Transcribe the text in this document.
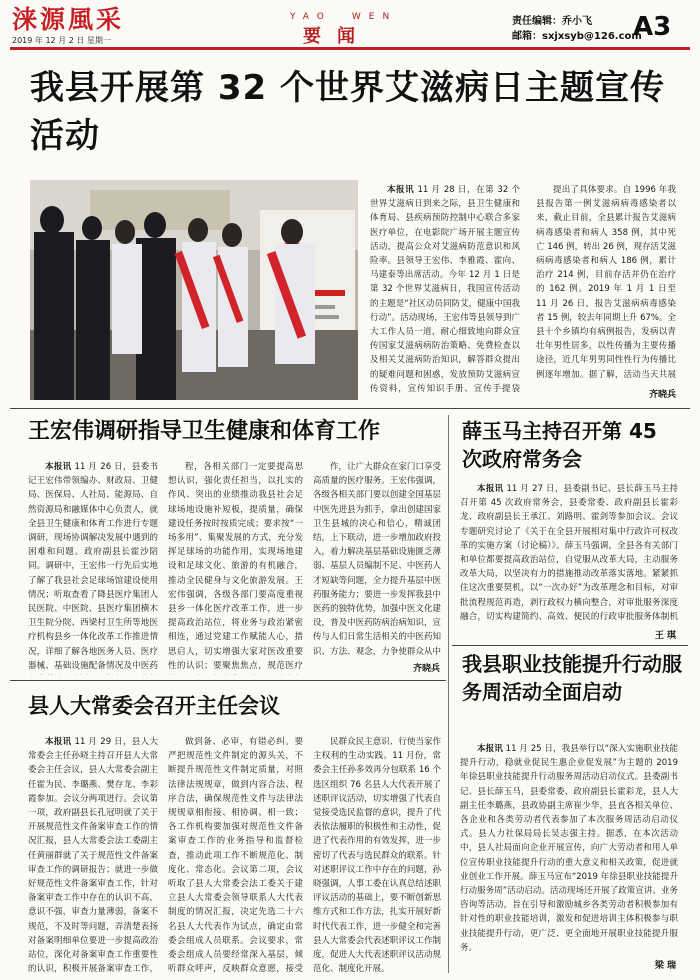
涞源風采
2019 年 12 月 2 日 星期一
YAO WEN
要闻
责任编辑：乔小飞
邮箱：sxjxsyb@126.com
A3
我县开展第 32 个世界艾滋病日主题宣传活动

本报讯 11 月 28 日，在第 32 个世界艾滋病日到来之际，县卫生健康和体育局、县疾病预防控制中心联合多家医疗单位，在电影院广场开展主题宣传活动，提高公众对艾滋病防范意识和风险率。县领导王宏伟、李雅霞、霍向、马建泰等出席活动。今年 12 月 1 日是第 32 个世界艾滋病日，我国宣传活动的主题是“社区动员同防艾，健康中国我行动”。活动现场，王宏伟等县领导到广大工作人员一道，耐心细致地向群众宣传国家艾滋病病防治策略、免费检查以及相关艾滋病防治知识，解答群众提出的疑难问题和困惑，发放预防艾滋病宣传资料，宣传知识手册、宣传手提袋

提出了具体要求。自 1996 年我县报告第一例艾滋病病毒感染者以来，截止目前，全县累计报告艾滋病病毒感染者和病人 358 例，其中死亡 146 例，转出 26 例，现存活艾滋病病毒感染者和病人 186 例，累计治疗 214 例，目前存活并仍在治疗的 162 例。2019 年 1 月 1 日至 11 月 26 日，报告艾滋病病毒感染者 15 例，较去年同期上升 67%。全县十个乡镇均有病例报告，发病以青壮年男性居多，以性传播为主要传播途径，近几年男男同性性行为传播比例逐年增加。据了解，活动当天共展

齐晓兵
王宏伟调研指导卫生健康和体育工作

本报讯 11 月 26 日，县委书记王宏伟带领编办、财政局、卫健局、医保局、人社局、能源局、自然资源局和融媒体中心负责人，就全县卫生健康和体育工作进行专题调研，现场协调解决发展中遇到的困难和问题。政府副县长霍沙陪同。调研中，王宏伟一行先后实地了解了我县社会足球场馆建设使用情况；听取查看了降县医疗集团人民医院、中医院、县医疗集团横木卫生院分院、西梁村卫生所等地医疗机构县乡一体化改革工作推进情况，详细了解各地医务人员、医疗器械、基础设施配备情况及中医药

程，各相关部门一定要提高思想认识，强化责任担当，以扎实的作风、突出的业绩推动我县社会足球场地设施补短板，提质量，确保建设任务按时按质完成；要求按“一场多用”、集聚发展的方式，充分发挥足球场的功能作用，实现场地建设和足球文化、旅游的有机融合，推动全民健身与文化旅游发展。王宏伟强调，各级各部门要高度重视县乡一体化医疗改革工作，进一步提高政治站位，将业务与政治紧密相连，通过党建工作赋能人心，措思启人，切实增强大家对医改重要性的认识；要聚焦焦点，规范医疗

作，让广大群众在家门口享受高质量的医疗服务。王宏伟强调，各级各相关部门要以创建全国基层中医先进县为抓手，拿出创建国家卫生县城的决心和信心，精诚团结，上下联动，进一步增加政府投入，着力解决基层基础设施匮乏薄弱、基层人员编制不足、中医药人才短缺等问题，全力提升基层中医药服务能力；要进一步发挥我县中医药的独特优势，加强中医文化建设，普及中医药防病治病知识，宣传与人们日常生活相关的中医药知识、方法、观念，力争使群众从中

齐晓兵
县人大常委会召开主任会议

本报讯 11 月 29 日，县人大常委会主任孙晓主持召开县人大常委会主任会议，县人大常委会副主任霍为民、李璐燕、樊存龙、李彩霞参加。会议分两项进行。会议第一项，政府副县长孔冠明就了关于开展规范性文件备案审查工作的情况汇报，县人大常委会法工委副主任黄丽群就了关于规范性文件备案审查工作的调研报告；就进一步做好规范性文件备案审查工作，针对备案审查工作中存在的认识不高，意识不强，审查力量薄弱，备案不规范，不及时等问题，弄清楚表扬对备案明细单位要进一步提高政治站位，深化对备案审查工作重要性的认识，积极开展备案审查工作，

做到备、必审，有错必纠。要严把规范性文件制定的源头关，不断提升规范性文件制定质量，对照法律法规规章，做到内容合法、程序合法，确保规范性文件与法律法规规章相衔接、相协调、相一致；各工作机构要加强对规范性文件备案审查工作的业务指导和监督检查，推动此项工作不断规范化、制度化、常态化。会议第二项，会议听取了县人大常委会法工委关于建立县人大常委会领导联系人大代表制度的情况汇报，决定先选二十六名县人大代表作为试点，确定由常委会组成人员联系。会议要求，常委会组成人员要经常深入基层，倾听群众呼声，反映群众意愿，接受

民群众民主意识、行使当家作主权利的生动实践。11 月份，常委会主任孙多效再分包联系 16 个选区组织 76 名县人大代表开展了述职评议活动，切实增强了代表自觉接受选民监督的意识，提升了代表依法履职的积极性和主动性，促进了代表作用的有效发挥，进一步密切了代表与选民群众的联系。针对述职评议工作中存在的问题，孙晓强调，人事工委在认真总结述职评议活动的基础上，要不断创新思维方式和工作方法，扎实开展好新时代代表工作，进一步健全和完善县人大常委会代表述职评议工作制度，促进人大代表述职评议活动规范化、制度化开展。

薛玉马主持召开第 45 次政府常务会

本报讯 11 月 27 日，县委副书记、县长薛玉马主持召开第 45 次政府常务会，县委常委、政府副县长霍彩龙、政府副县长王承江、刘路明、霍剑等参加会议。会议专题研究讨论了《关于在全县开展相对集中行政许可权改革的实施方案（讨论稿）》。薛玉马强调，全县各有关部门和单位都要提高政治站位，自觉服从改革大局，主动服务改革大局，以坚决有力的措施推动改革落实落地。紧紧抓住这次重要契机，以“一次办好”为改革理念和目标，对审批流程规范再造，剥行政权力横向整合，对审批服务深度融合，切实构建简约、高效、便民的行政审批服务体制机

王 琪
我县职业技能提升行动服务周活动全面启动

本报讯 11 月 25 日，我县举行以“深入实施职业技能提升行动，稳就业促民生惠企业促发展”为主题的 2019 年徐县职业技能提升行动服务周活动启动仪式。县委副书记、县长薛玉马，县委常委、政府副县长霍彩龙，县人大副主任李璐燕，县政协副主席崔少华，县直各相关单位、各企业和各类劳动者代表参加了本次服务周活动启动仪式。县人力社保局局长吴志强主持。据悉，在本次活动中，县人社局面向企业开展宣传，向广大劳动者和用人单位宣传职业技能提升行动的重大意义和相关政策，促进就业创业工作开展。薛玉马宣布“2019 年徐县职业技能提升行动服务周”活动启动。活动现场还开展了政策宣讲、业务咨询等活动，旨在引导和激励城乡各类劳动者积极参加有针对性的职业技能培训，激发和促进培训主体积极参与职业技能提升行动，更广泛、更全面地开展职业技能提升服务。

梁 瑞
